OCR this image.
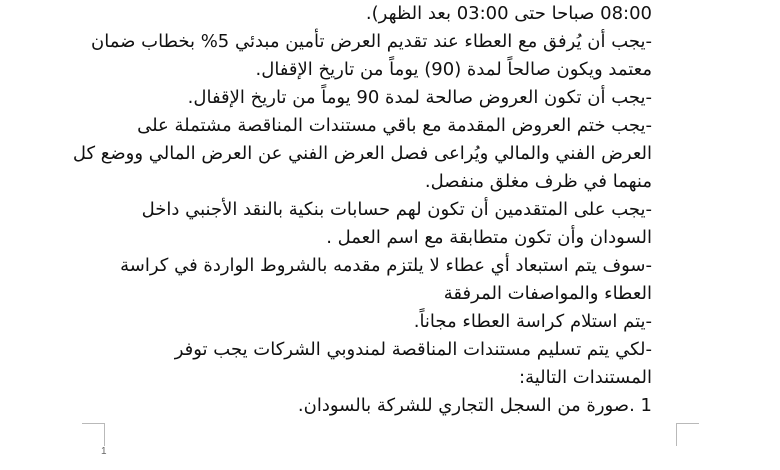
08:00 صباحا حتى 03:00 بعد الظهر).
-يجب أن يُرفق مع العطاء عند تقديم العرض تأمين مبدئي 5% بخطاب ضمان
معتمد ويكون صالحاً لمدة (90) يوماً من تاريخ الإقفال.
-يجب أن تكون العروض صالحة لمدة 90 يوماً من تاريخ الإقفال.
-يجب ختم العروض المقدمة مع باقي مستندات المناقصة مشتملة على
العرض الفني والمالي ويُراعى فصل العرض الفني عن العرض المالي ووضع كل
منهما في ظرف مغلق منفصل.
-يجب على المتقدمين أن تكون لهم حسابات بنكية بالنقد الأجنبي داخل
السودان وأن تكون متطابقة مع اسم العمل .
-سوف يتم استبعاد أي عطاء لا يلتزم مقدمه بالشروط الواردة في كراسة
العطاء والمواصفات المرفقة
-يتم استلام كراسة العطاء مجاناً.
-لكي يتم تسليم مستندات المناقصة لمندوبي الشركات يجب توفر
المستندات التالية:
1 .صورة من السجل التجاري للشركة بالسودان.
1
